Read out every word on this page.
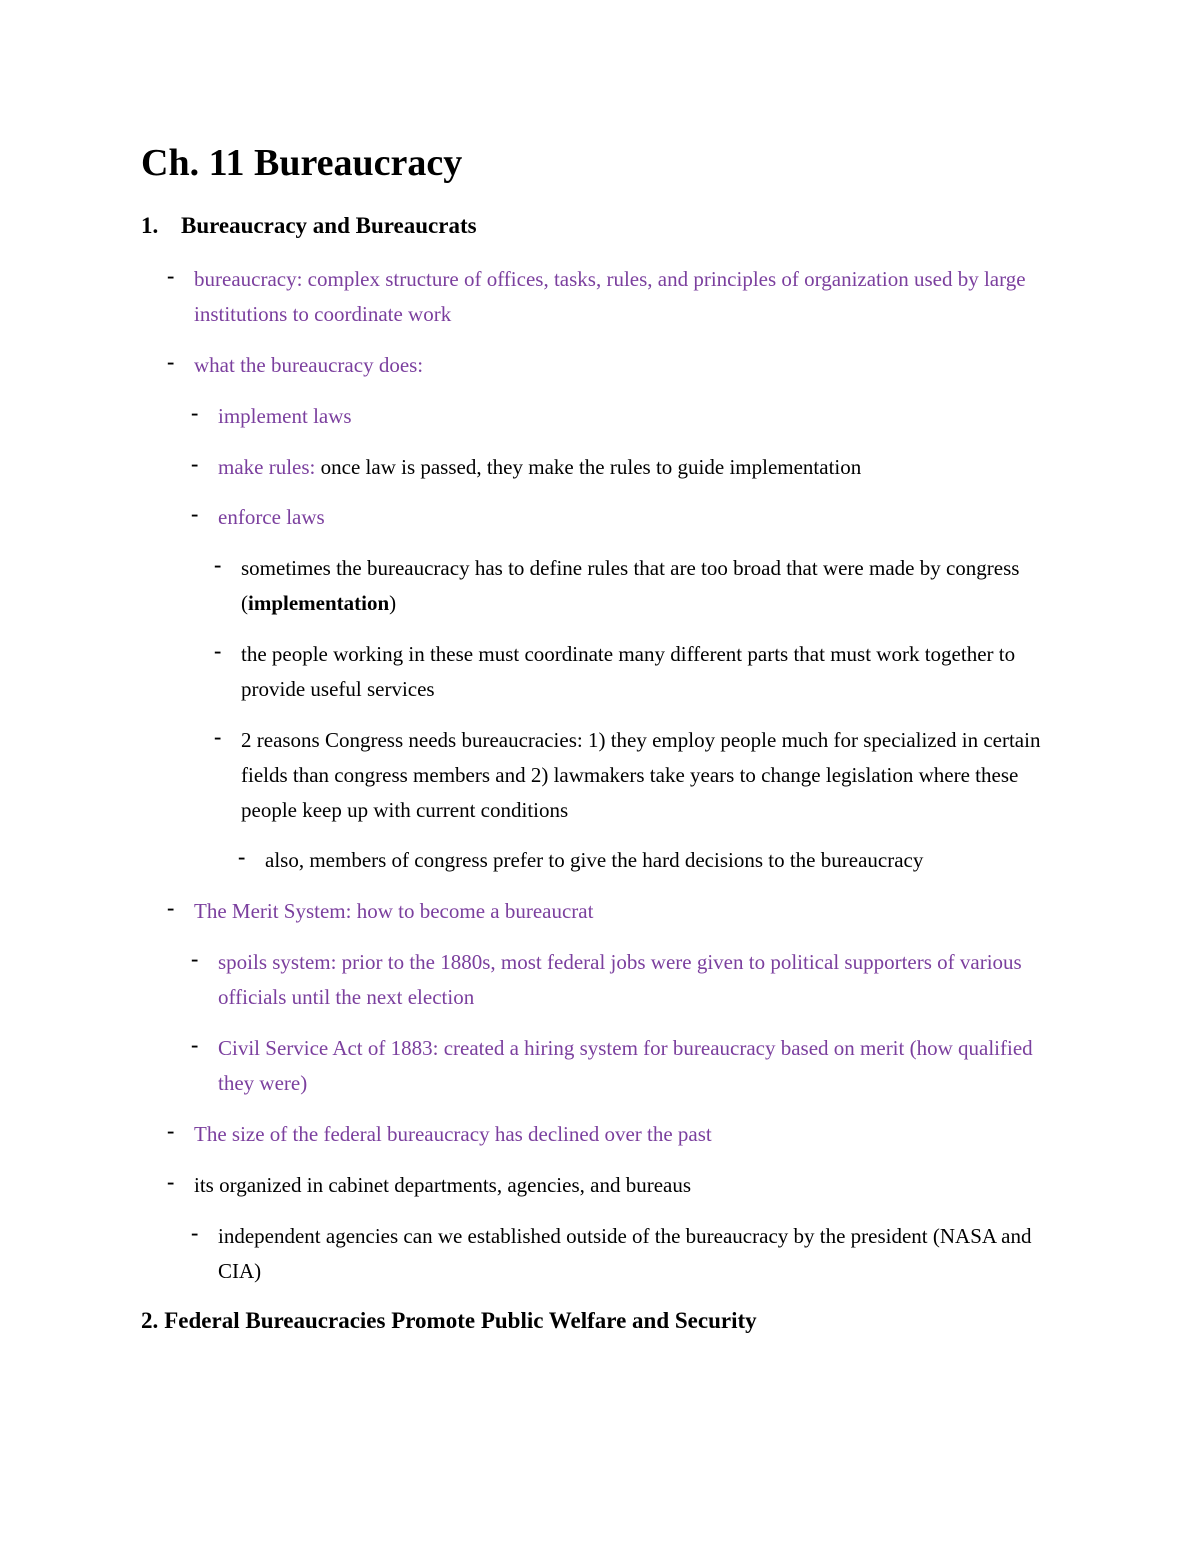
Ch. 11 Bureaucracy
1. Bureaucracy and Bureaucrats

- bureaucracy: complex structure of offices, tasks, rules, and principles of organization used by large institutions to coordinate work

- what the bureaucracy does:

- implement laws

- make rules: once law is passed, they make the rules to guide implementation

- enforce laws

- sometimes the bureaucracy has to define rules that are too broad that were made by congress (implementation)

- the people working in these must coordinate many different parts that must work together to provide useful services

- 2 reasons Congress needs bureaucracies: 1) they employ people much for specialized in certain fields than congress members and 2) lawmakers take years to change legislation where these people keep up with current conditions

- also, members of congress prefer to give the hard decisions to the bureaucracy

- The Merit System: how to become a bureaucrat

- spoils system: prior to the 1880s, most federal jobs were given to political supporters of various officials until the next election

- Civil Service Act of 1883: created a hiring system for bureaucracy based on merit (how qualified they were)

- The size of the federal bureaucracy has declined over the past

- its organized in cabinet departments, agencies, and bureaus

- independent agencies can we established outside of the bureaucracy by the president (NASA and CIA)

2. Federal Bureaucracies Promote Public Welfare and Security
